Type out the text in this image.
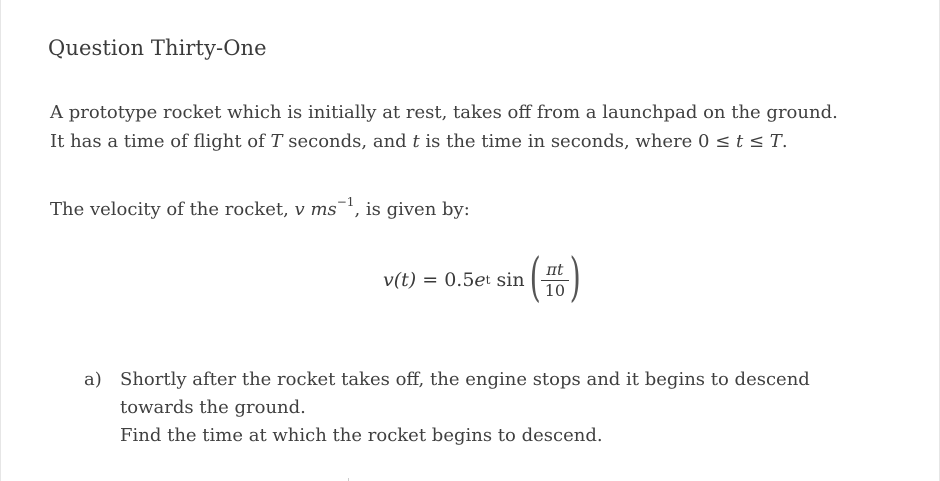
Question Thirty-One
A prototype rocket which is initially at rest, takes off from a launchpad on the ground.
It has a time of flight of T seconds, and t is the time in seconds, where 0 ≤ t ≤ T.
The velocity of the rocket, v $ms^{-1}$, is given by:
v(t) = 0.5 e t sin ( $\frac{\pi t}{10}$ )
a) Shortly after the rocket takes off, the engine stops and it begins to descend
towards the ground.
Find the time at which the rocket begins to descend.
